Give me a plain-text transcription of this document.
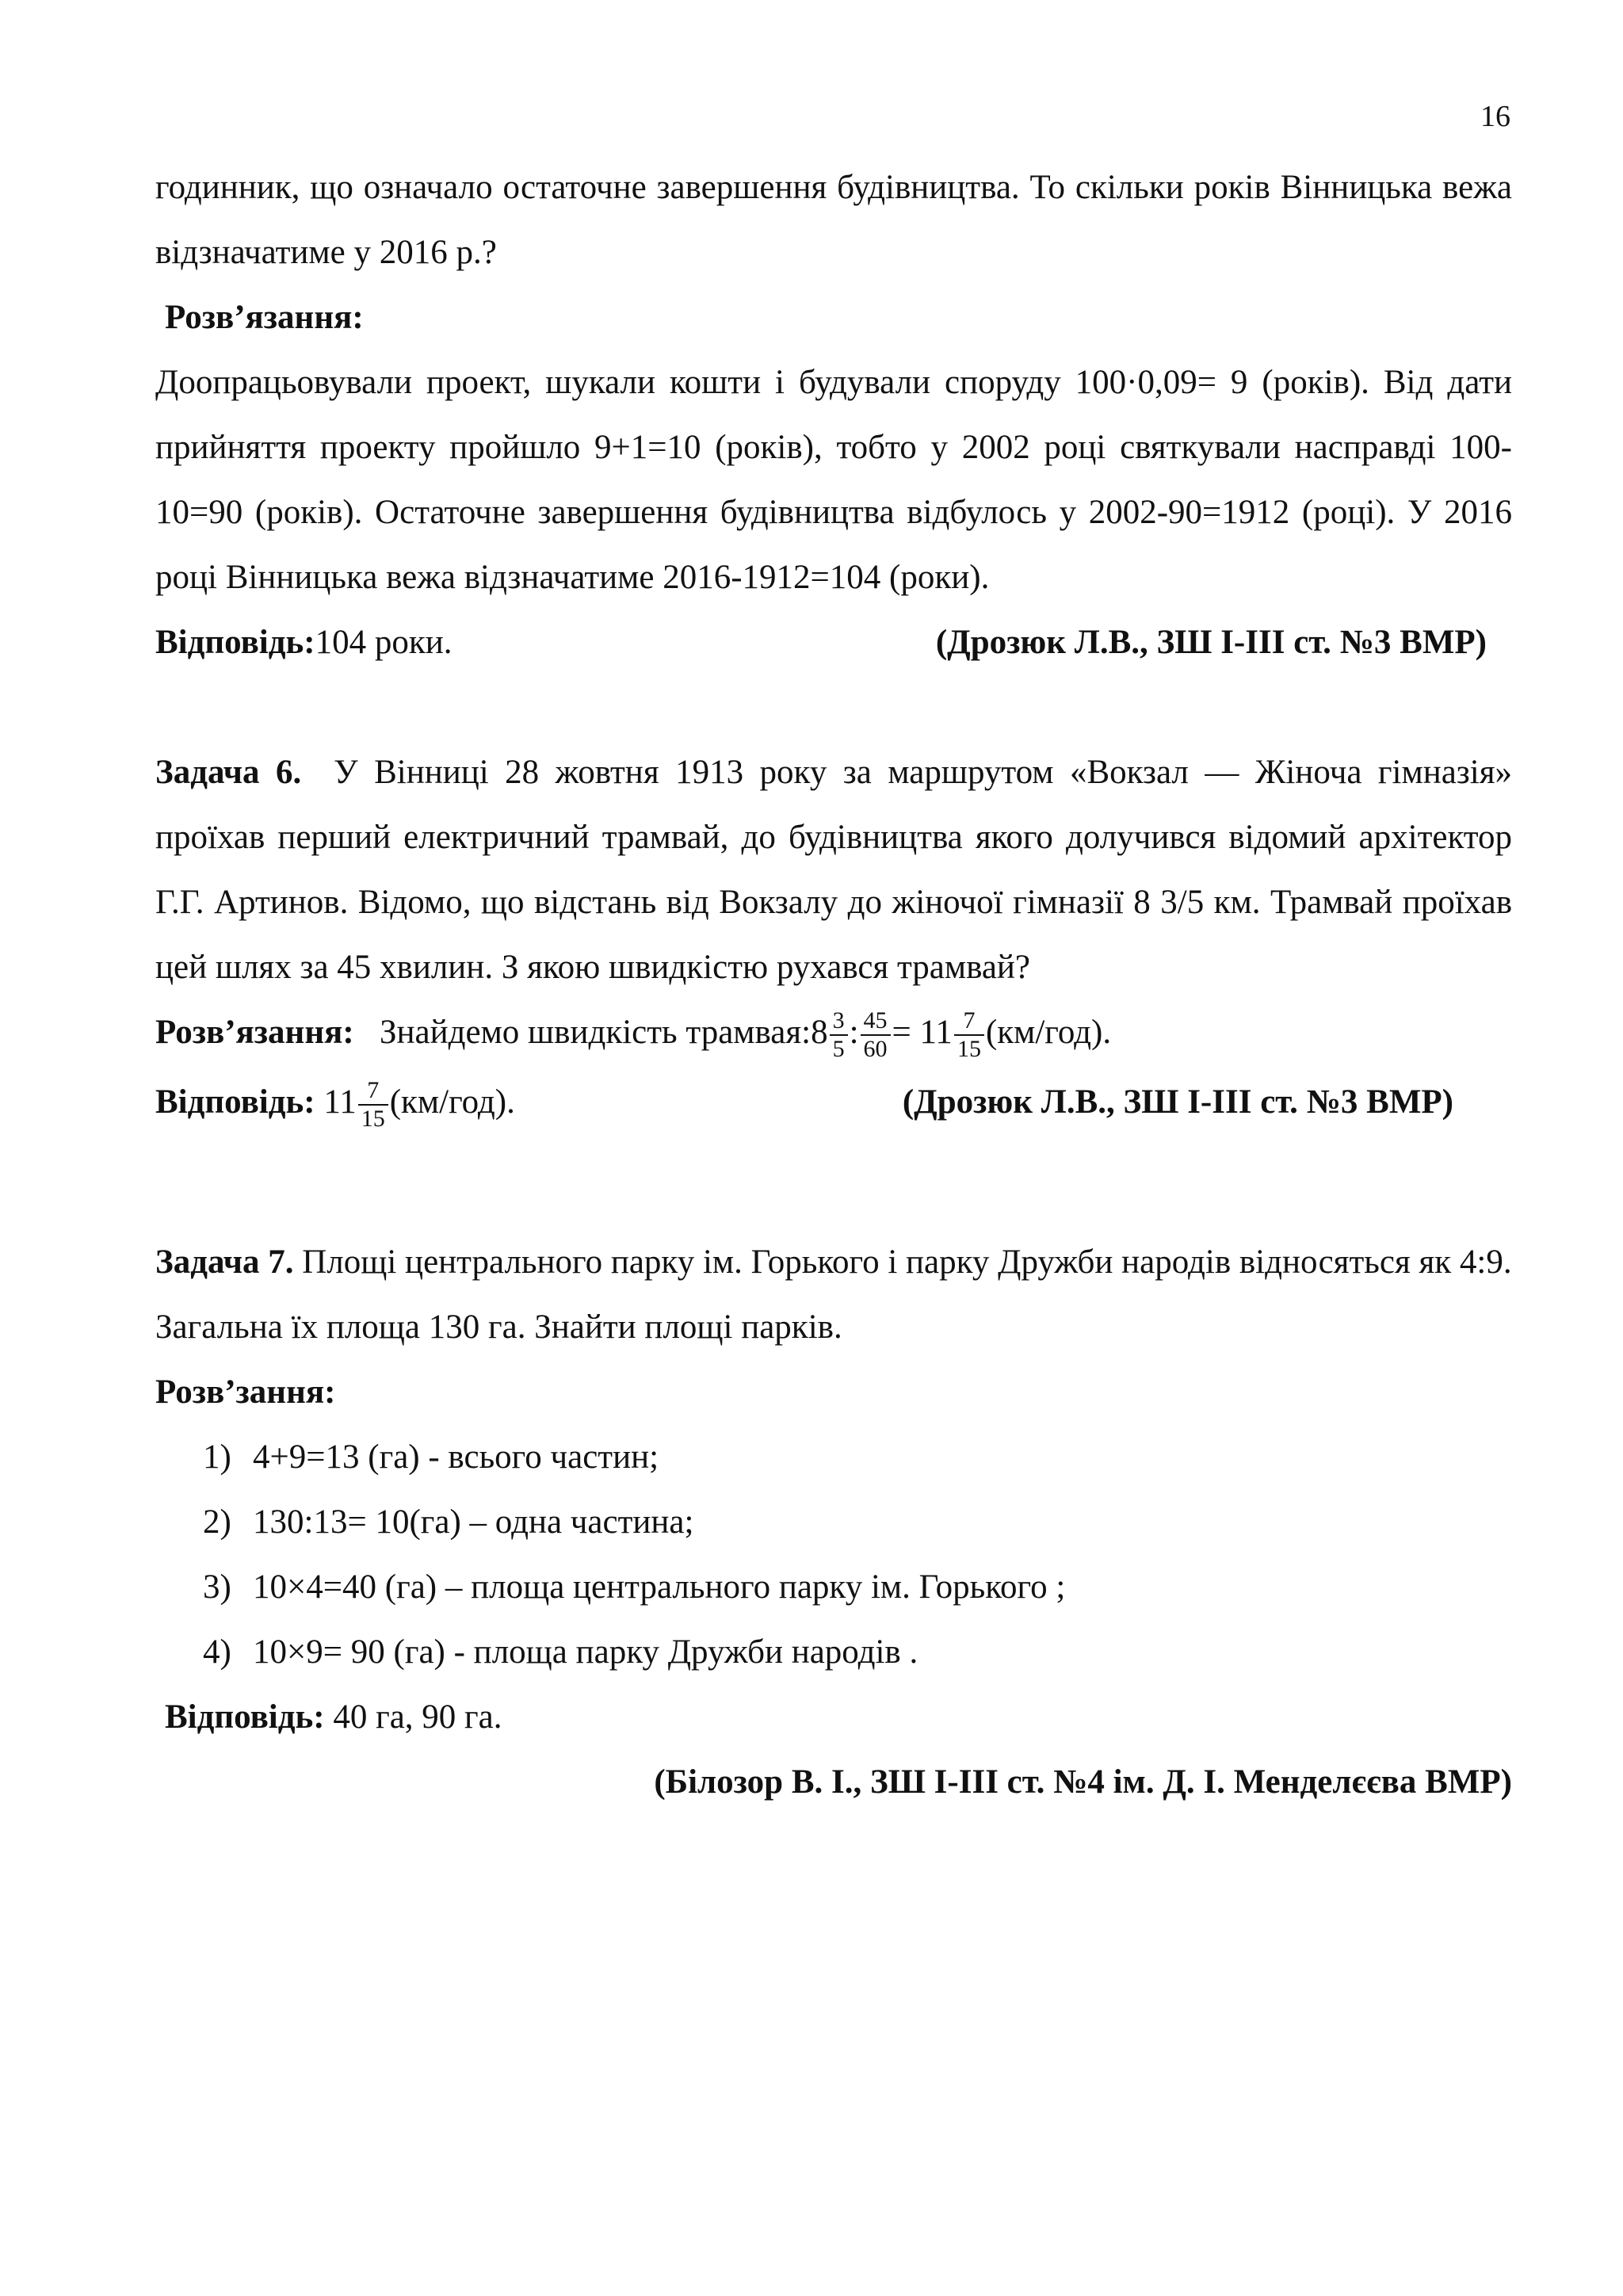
16

годинник, що означало остаточне завершення будівництва. То скільки років Вінницька вежа відзначатиме у 2016 р.?

Розв’язання:

Доопрацьовували проект, шукали кошти і будували споруду 100·0,09= 9 (років). Від дати прийняття проекту пройшло 9+1=10 (років), тобто у 2002 році святкували насправді 100-10=90 (років). Остаточне завершення будівництва відбулось у 2002-90=1912 (році). У 2016 році Вінницька вежа відзначатиме 2016-1912=104 (роки).

Відповідь:104 роки.	(Дрозюк Л.В., ЗШ І-ІІІ ст. №3 ВМР)

Задача 6. У Вінниці 28 жовтня 1913 року за маршрутом «Вокзал — Жіноча гімназія» проїхав перший електричний трамвай, до будівництва якого долучився відомий архітектор Г.Г. Артинов. Відомо, що відстань від Вокзалу до жіночої гімназії 8 3/5 км. Трамвай проїхав цей шлях за 45 хвилин. З якою швидкістю рухався трамвай?

Розв’язання: Знайдемо швидкість трамвая:8 $\frac{3}{5}$ : $\frac{45}{60} = 11 \frac{7}{15} (км/год)$.

Відповідь: $11 \frac{7}{15} (км/год)$.	(Дрозюк Л.В., ЗШ І-ІІІ ст. №3 ВМР)

Задача 7. Площі центрального парку ім. Горького і парку Дружби народів відносяться як 4:9. Загальна їх площа 130 га. Знайти площі парків.

Розв’зання:

1) 4+9=13 (га) - всього частин;
2) 130:13= 10(га) – одна частина;
3) 10×4=40 (га) – площа центрального парку ім. Горького ;
4) 10×9= 90 (га) - площа парку Дружби народів .

Відповідь: 40 га, 90 га.

(Білозор В. І., ЗШ І-ІІІ ст. №4 ім. Д. І. Менделєєва ВМР)
